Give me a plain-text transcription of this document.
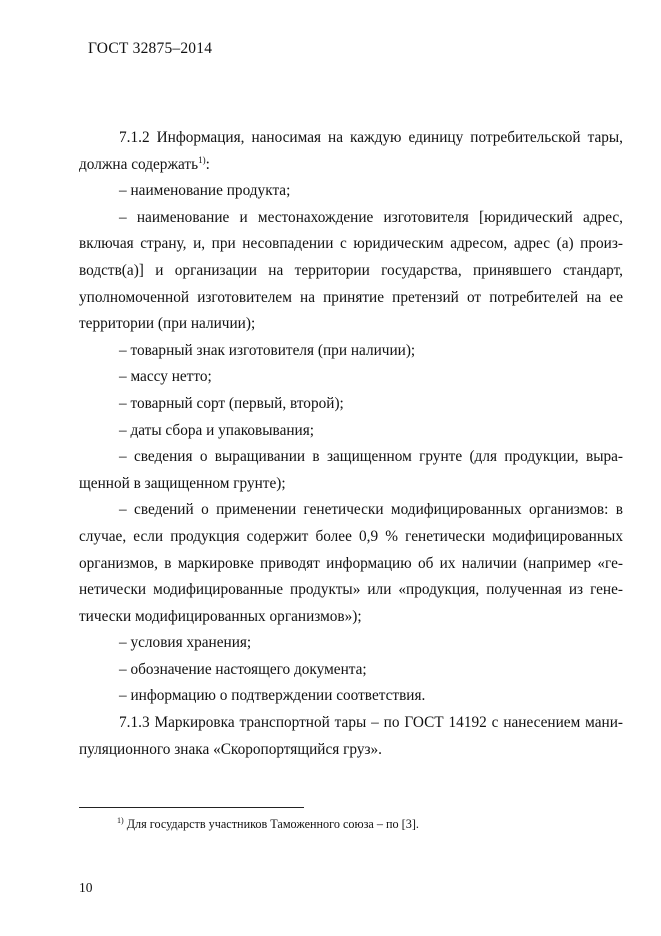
ГОСТ 32875–2014

7.1.2 Информация, наносимая на каждую единицу потребительской тары,
должна содержать$^{1)}$:

– наименование продукта;

– наименование и местонахождение изготовителя [юридический адрес,
включая страну, и, при несовпадении с юридическим адресом, адрес (а) произ-
водств(а)] и организации на территории государства, принявшего стандарт,
уполномоченной изготовителем на принятие претензий от потребителей на ее
территории (при наличии);

– товарный знак изготовителя (при наличии);

– массу нетто;

– товарный сорт (первый, второй);

– даты сбора и упаковывания;

– сведения о выращивании в защищенном грунте (для продукции, выра-
щенной в защищенном грунте);

– сведений о применении генетически модифицированных организмов: в
случае, если продукция содержит более 0,9 % генетически модифицированных
организмов, в маркировке приводят информацию об их наличии (например «ге-
нетически модифицированные продукты» или «продукция, полученная из гене-
тически модифицированных организмов»);

– условия хранения;

– обозначение настоящего документа;

– информацию о подтверждении соответствия.

7.1.3 Маркировка транспортной тары – по ГОСТ 14192 с нанесением мани-
пуляционного знака «Скоропортящийся груз».

$^{1)}$ Для государств участников Таможенного союза – по [3].
10
